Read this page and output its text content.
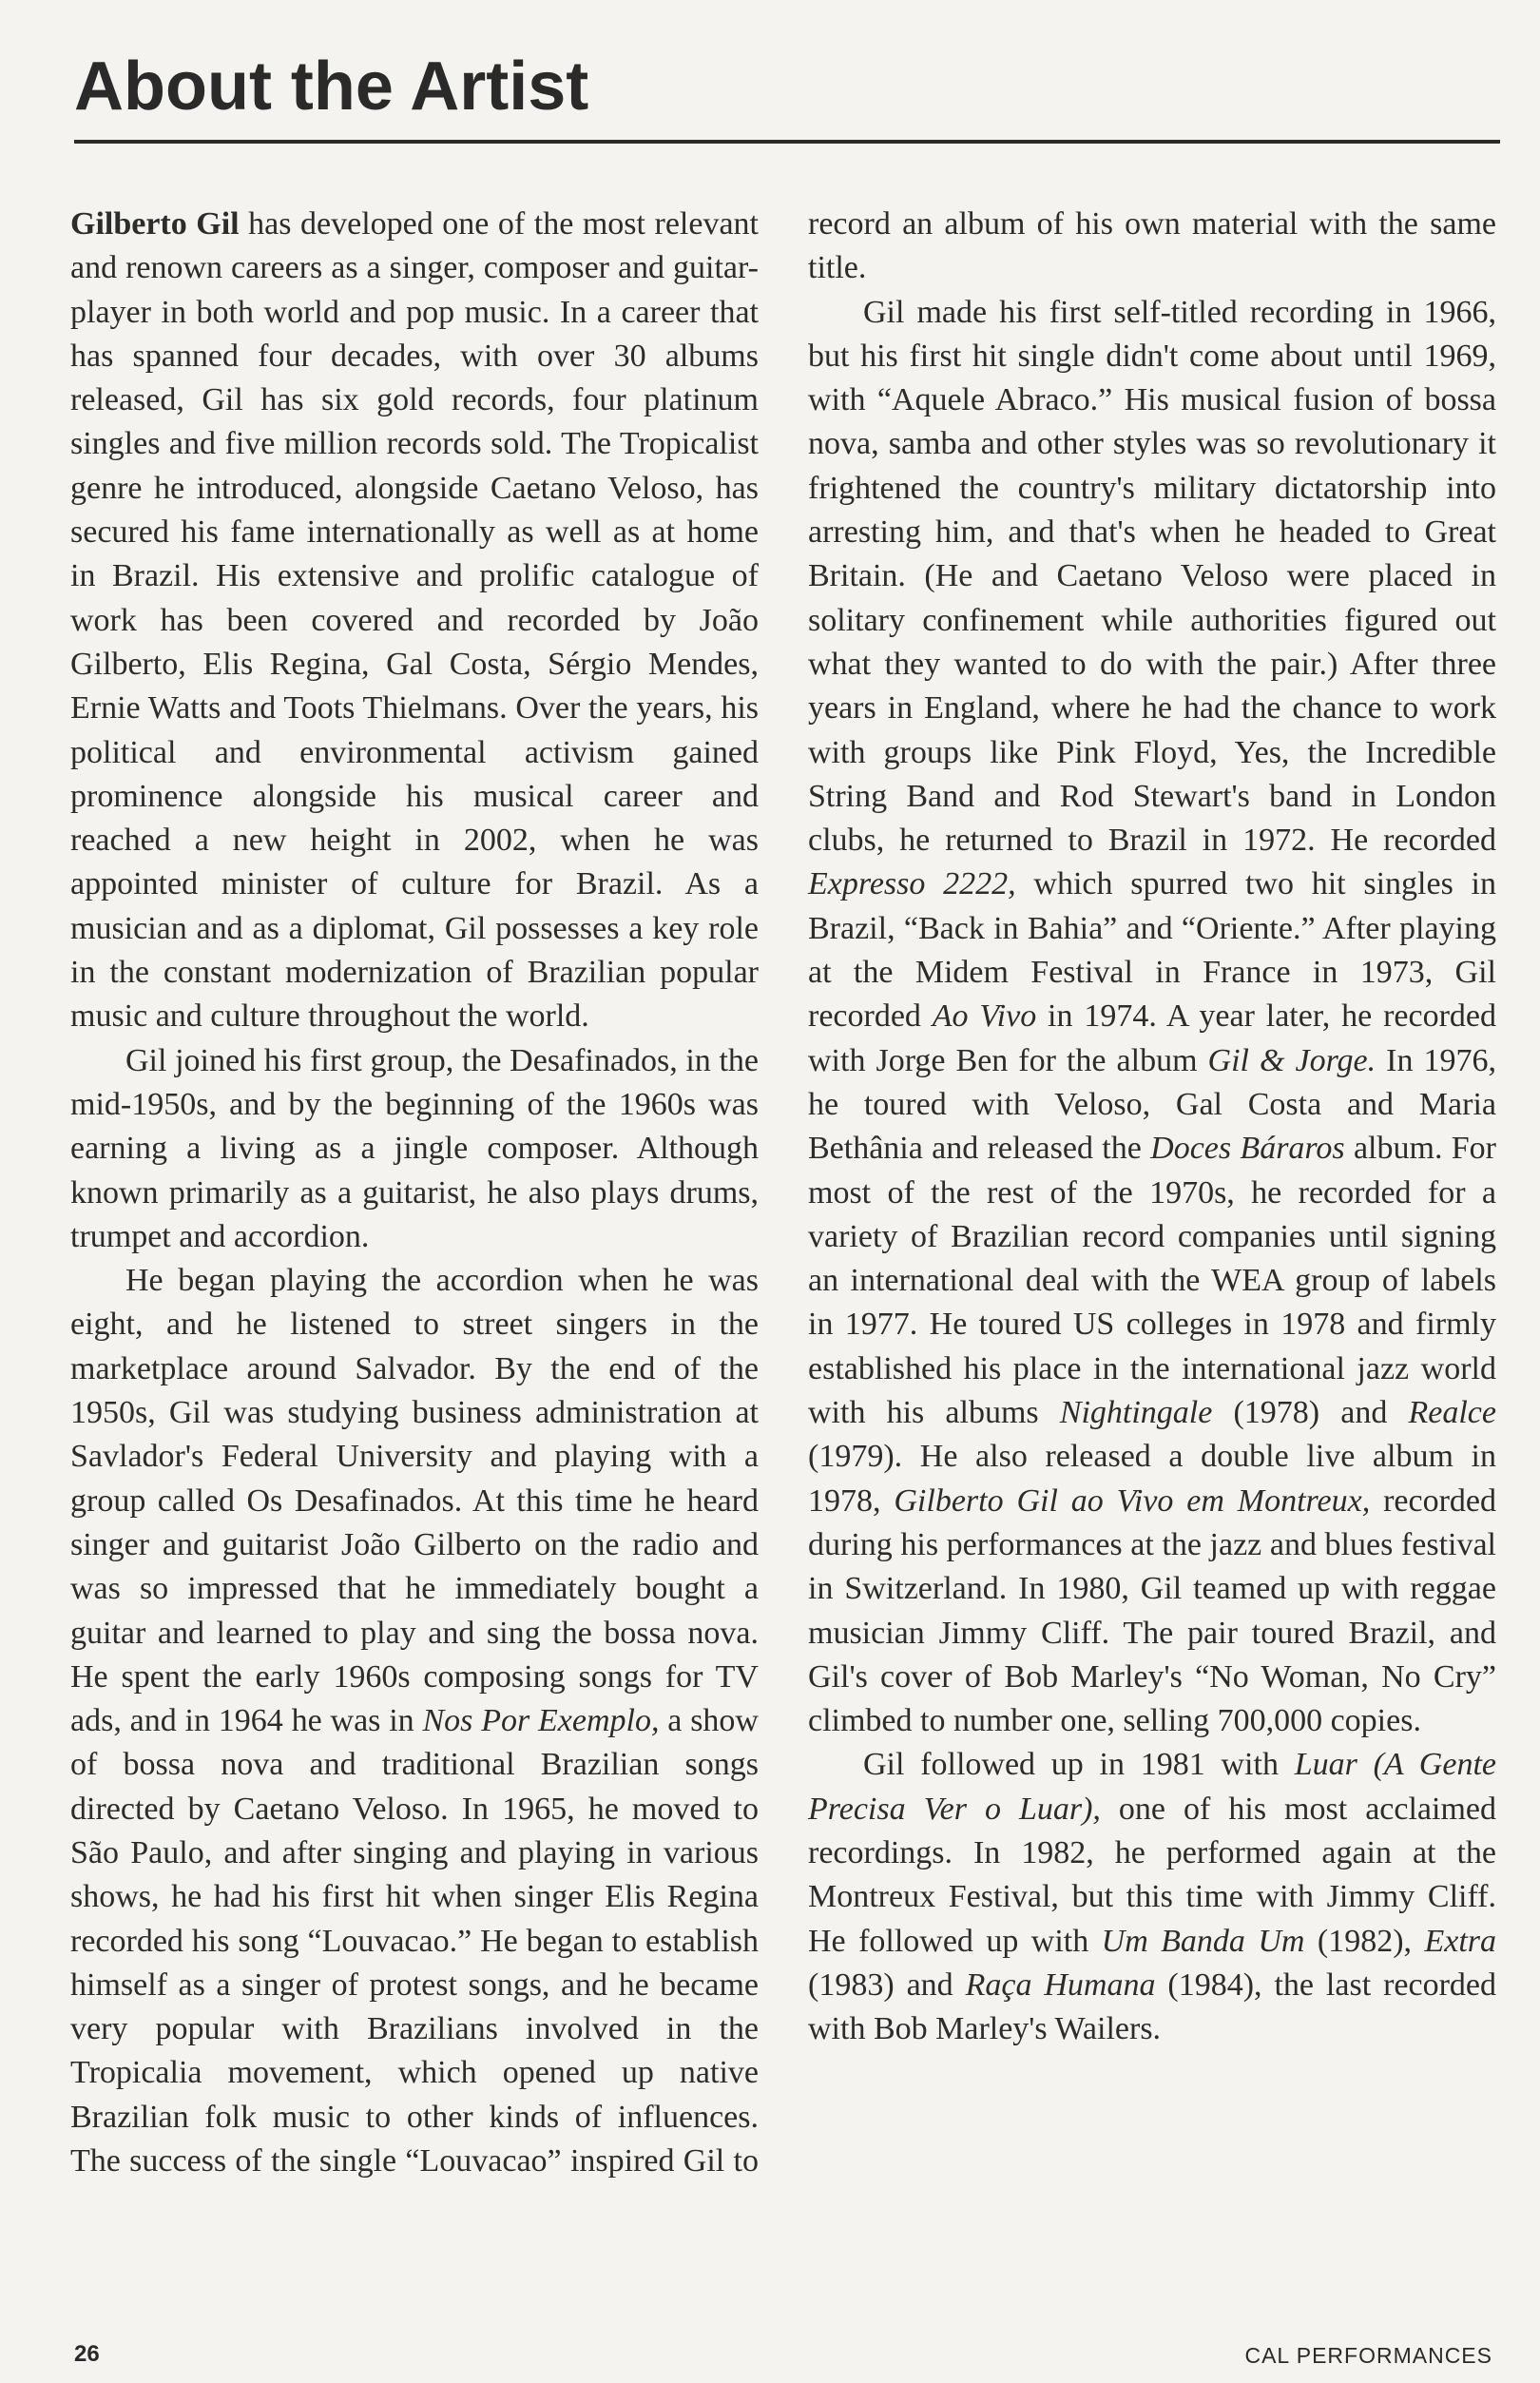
About the Artist

Gilberto Gil has developed one of the most relevant and renown careers as a singer, composer and guitar-player in both world and pop music. In a career that has spanned four decades, with over 30 albums released, Gil has six gold records, four platinum singles and five million records sold. The Tropicalist genre he introduced, alongside Caetano Veloso, has secured his fame internationally as well as at home in Brazil. His extensive and prolific catalogue of work has been covered and recorded by João Gilberto, Elis Regina, Gal Costa, Sérgio Mendes, Ernie Watts and Toots Thielmans. Over the years, his political and environmental activism gained prominence alongside his musical career and reached a new height in 2002, when he was appointed minister of culture for Brazil. As a musician and as a diplomat, Gil possesses a key role in the constant modernization of Brazilian popular music and culture throughout the world.

Gil joined his first group, the Desafinados, in the mid-1950s, and by the beginning of the 1960s was earning a living as a jingle composer. Although known primarily as a guitarist, he also plays drums, trumpet and accordion.

He began playing the accordion when he was eight, and he listened to street singers in the marketplace around Salvador. By the end of the 1950s, Gil was studying business administration at Savlador's Federal University and playing with a group called Os Desafinados. At this time he heard singer and guitarist João Gilberto on the radio and was so impressed that he immediately bought a guitar and learned to play and sing the bossa nova. He spent the early 1960s composing songs for TV ads, and in 1964 he was in Nos Por Exemplo, a show of bossa nova and traditional Brazilian songs directed by Caetano Veloso. In 1965, he moved to São Paulo, and after singing and playing in various shows, he had his first hit when singer Elis Regina recorded his song “Louvacao.” He began to establish himself as a singer of protest songs, and he became very popular with Brazilians involved in the Tropicalia movement, which opened up native Brazilian folk music to other kinds of influences. The success of the single “Louvacao” inspired Gil to record an album of his own material with the same title.

Gil made his first self-titled recording in 1966, but his first hit single didn't come about until 1969, with “Aquele Abraco.” His musical fusion of bossa nova, samba and other styles was so revolutionary it frightened the country's military dictatorship into arresting him, and that's when he headed to Great Britain. (He and Caetano Veloso were placed in solitary confinement while authorities figured out what they wanted to do with the pair.) After three years in England, where he had the chance to work with groups like Pink Floyd, Yes, the Incredible String Band and Rod Stewart's band in London clubs, he returned to Brazil in 1972. He recorded Expresso 2222, which spurred two hit singles in Brazil, “Back in Bahia” and “Oriente.” After playing at the Midem Festival in France in 1973, Gil recorded Ao Vivo in 1974. A year later, he recorded with Jorge Ben for the album Gil & Jorge. In 1976, he toured with Veloso, Gal Costa and Maria Bethânia and released the Doces Báraros album. For most of the rest of the 1970s, he recorded for a variety of Brazilian record companies until signing an international deal with the WEA group of labels in 1977. He toured US colleges in 1978 and firmly established his place in the international jazz world with his albums Nightingale (1978) and Realce (1979). He also released a double live album in 1978, Gilberto Gil ao Vivo em Montreux, recorded during his performances at the jazz and blues festival in Switzerland. In 1980, Gil teamed up with reggae musician Jimmy Cliff. The pair toured Brazil, and Gil's cover of Bob Marley's “No Woman, No Cry” climbed to number one, selling 700,000 copies.

Gil followed up in 1981 with Luar (A Gente Precisa Ver o Luar), one of his most acclaimed recordings. In 1982, he performed again at the Montreux Festival, but this time with Jimmy Cliff. He followed up with Um Banda Um (1982), Extra (1983) and Raça Humana (1984), the last recorded with Bob Marley's Wailers.

26	CAL PERFORMANCES
